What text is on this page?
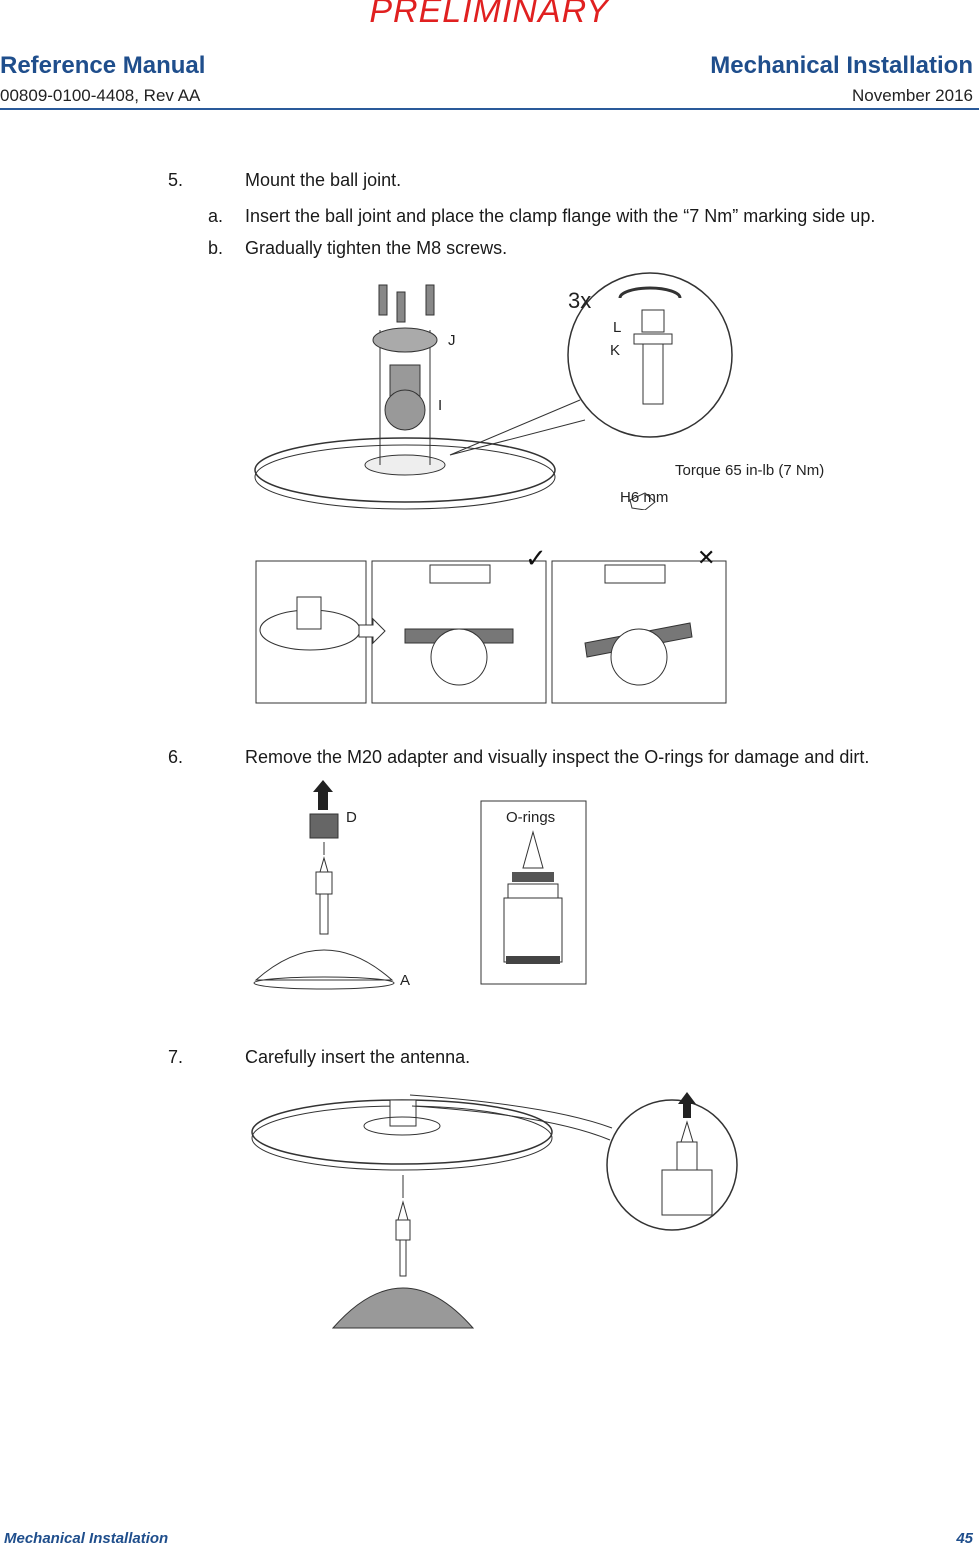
PRELIMINARY
Reference Manual
00809-0100-4408, Rev AA
Mechanical Installation
November 2016
5.	Mount the ball joint.
a. Insert the ball joint and place the clamp flange with the “7 Nm” marking side up.
b. Gradually tighten the M8 screws.
J
I
L
K
3x
Torque 65 in-lb (7 Nm)
H6 mm
✓	✕
6.	Remove the M20 adapter and visually inspect the O-rings for damage and dirt.
D
A
O-rings
7.	Carefully insert the antenna.
Mechanical Installation	45
